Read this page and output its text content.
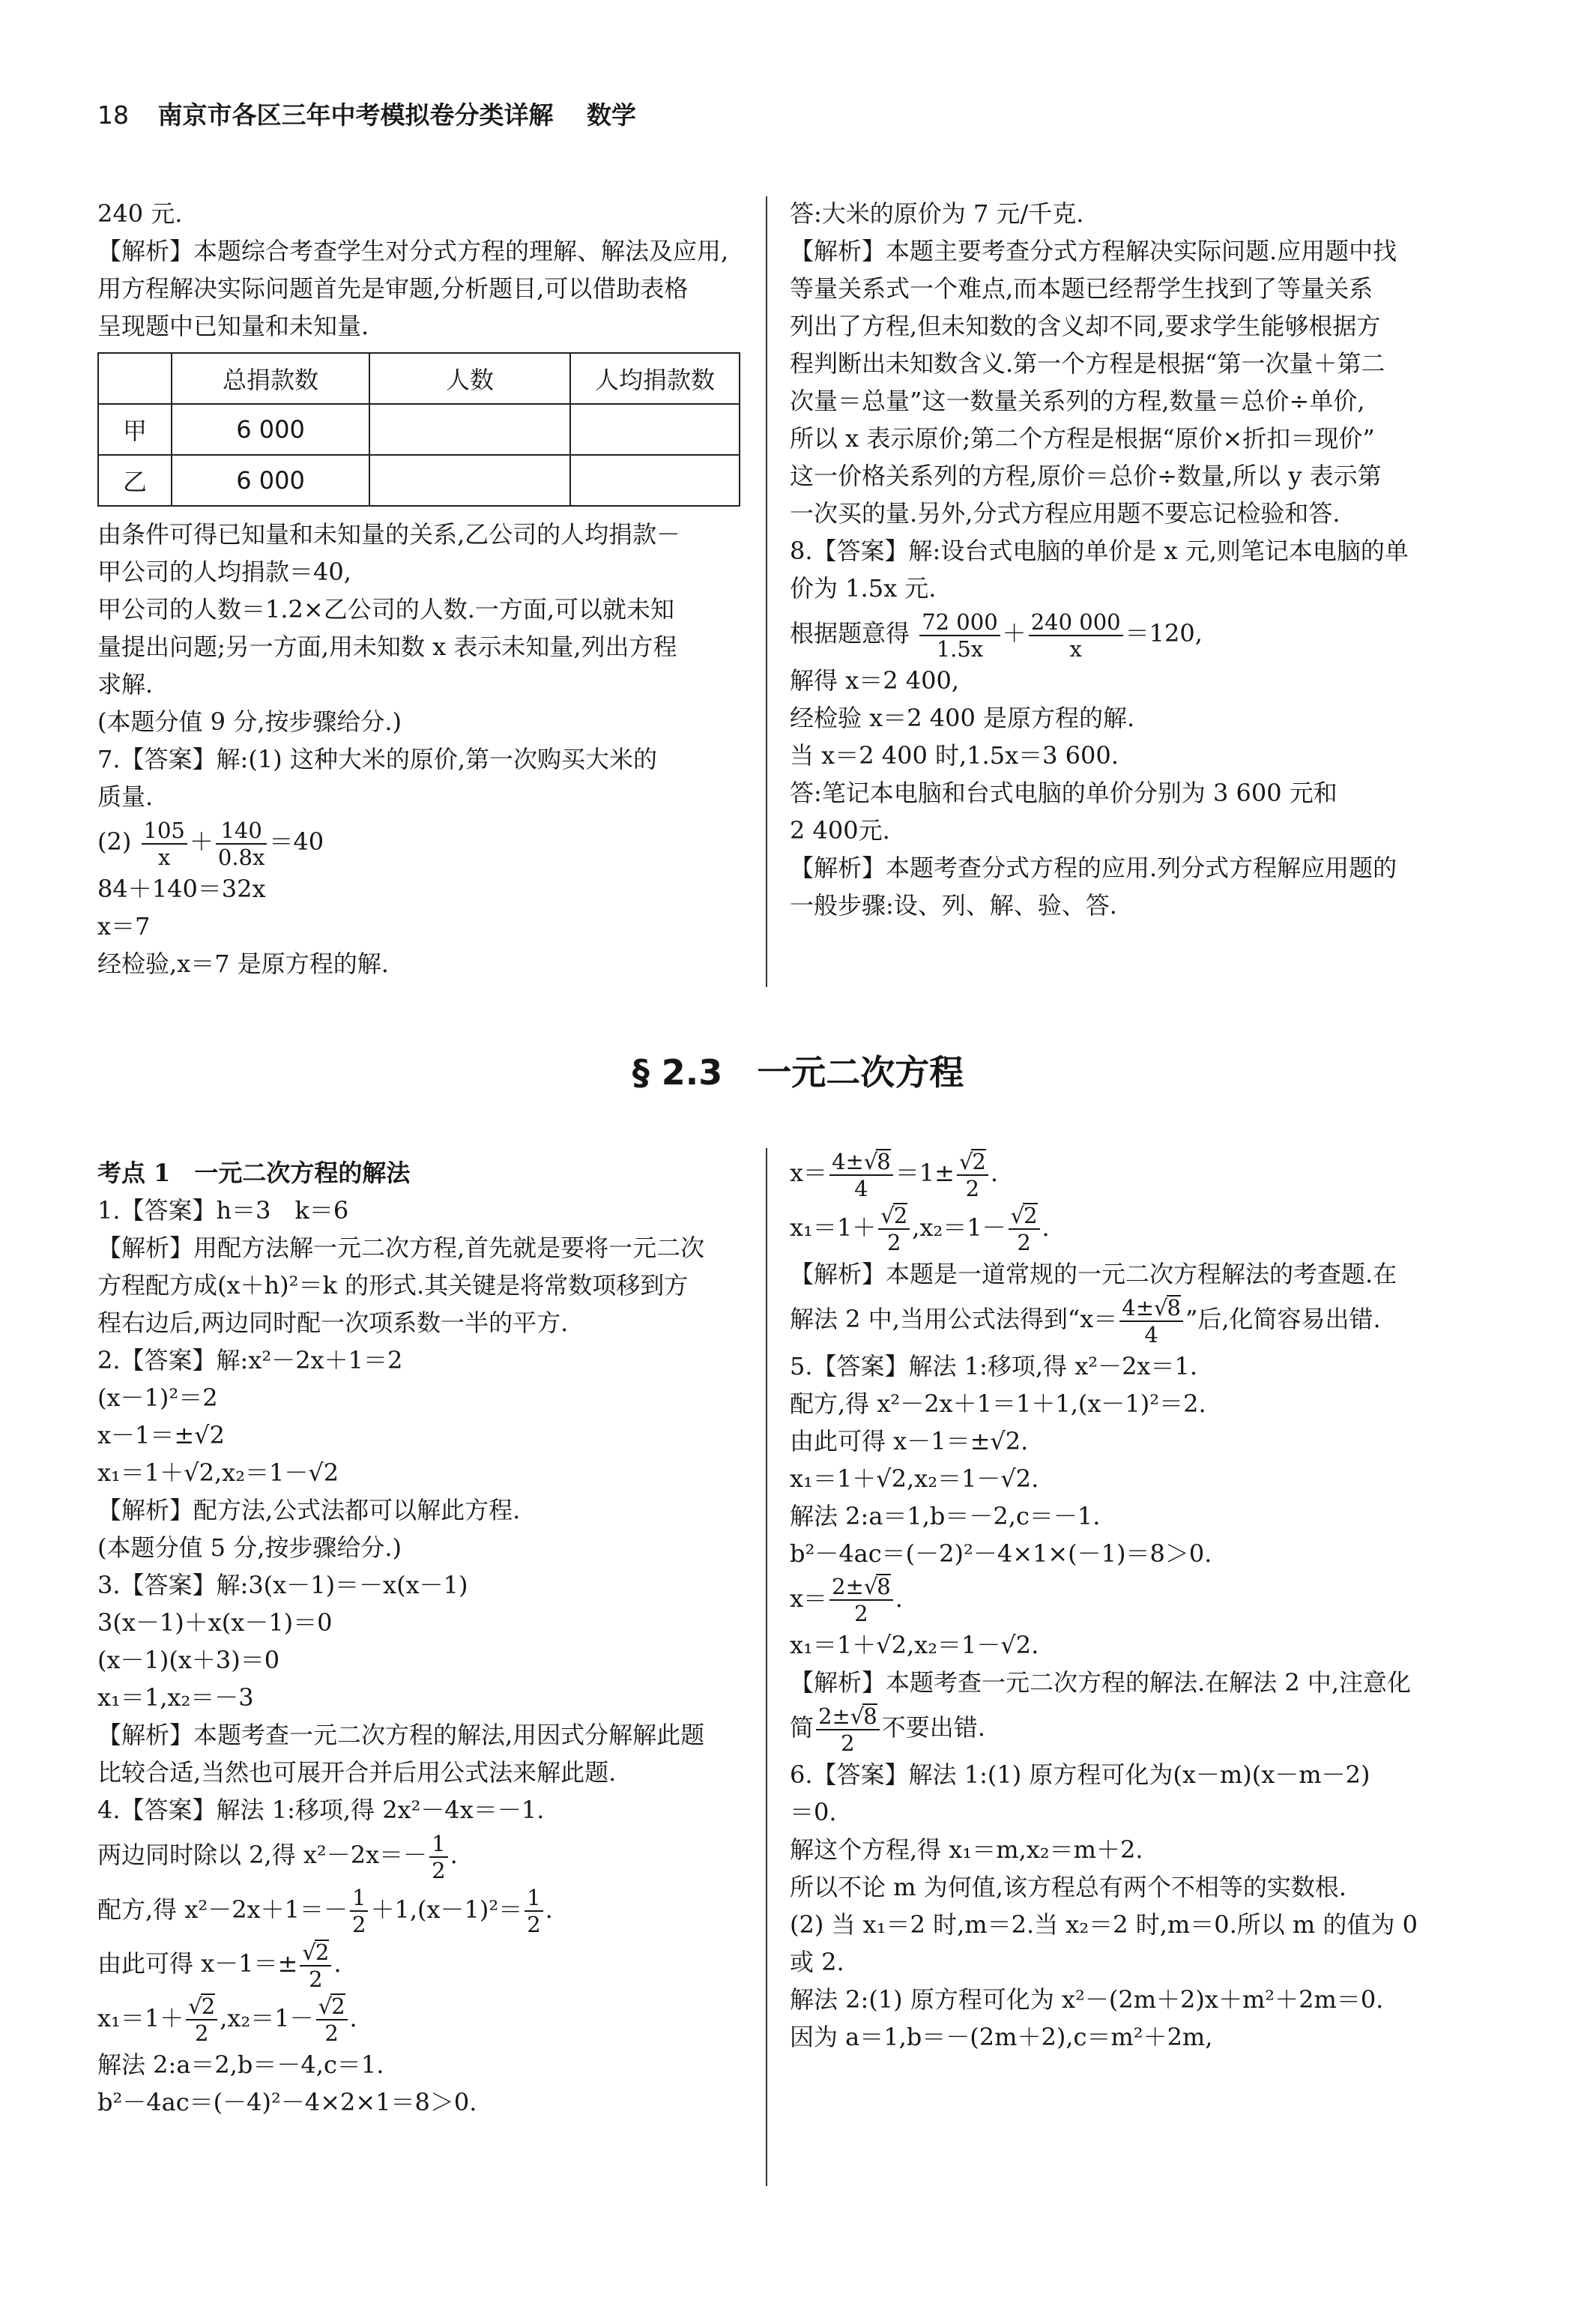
18 南京市各区三年中考模拟卷分类详解 数学
240 元.
【解析】本题综合考查学生对分式方程的理解、解法及应用,
用方程解决实际问题首先是审题,分析题目,可以借助表格
呈现题中已知量和未知量.
	总捐款数	人数	人均捐款数
甲	6 000		
乙	6 000		
由条件可得已知量和未知量的关系,乙公司的人均捐款－
甲公司的人均捐款＝40,
甲公司的人数＝1.2×乙公司的人数.一方面,可以就未知
量提出问题;另一方面,用未知数 x 表示未知量,列出方程
求解.
(本题分值 9 分,按步骤给分.)
7.【答案】解:(1) 这种大米的原价,第一次购买大米的
质量.
$(2) \frac{105}{x} + \frac{140}{0.8x} =40$
84＋140＝32x
x＝7
经检验,x＝7 是原方程的解.
答:大米的原价为 7 元/千克.
【解析】本题主要考查分式方程解决实际问题.应用题中找
等量关系式一个难点,而本题已经帮学生找到了等量关系
列出了方程,但未知数的含义却不同,要求学生能够根据方
程判断出未知数含义.第一个方程是根据“第一次量＋第二
次量＝总量”这一数量关系列的方程,数量＝总价÷单价,
所以 x 表示原价;第二个方程是根据“原价×折扣＝现价”
这一价格关系列的方程,原价＝总价÷数量,所以 y 表示第
一次买的量.另外,分式方程应用题不要忘记检验和答.
8.【答案】解:设台式电脑的单价是 x 元,则笔记本电脑的单
价为 1.5x 元.
根据题意得 $\frac{72 000}{1.5x} + \frac{240 000}{x} =120$,
解得 x＝2 400,
经检验 x＝2 400 是原方程的解.
当 x＝2 400 时,1.5x＝3 600.
答:笔记本电脑和台式电脑的单价分别为 3 600 元和
2 400元.
【解析】本题考查分式方程的应用.列分式方程解应用题的
一般步骤:设、列、解、验、答.
§ 2.3　一元二次方程
考点 1　一元二次方程的解法
1.【答案】h＝3　k＝6
【解析】用配方法解一元二次方程,首先就是要将一元二次
方程配方成(x＋h)²＝k 的形式.其关键是将常数项移到方
程右边后,两边同时配一次项系数一半的平方.
2.【答案】解:x²－2x＋1＝2
(x－1)²＝2
x－1＝±√2
x₁＝1＋√2,x₂＝1－√2
【解析】配方法,公式法都可以解此方程.
(本题分值 5 分,按步骤给分.)
3.【答案】解:3(x－1)＝－x(x－1)
3(x－1)＋x(x－1)＝0
(x－1)(x＋3)＝0
x₁＝1,x₂＝－3
【解析】本题考查一元二次方程的解法,用因式分解解此题
比较合适,当然也可展开合并后用公式法来解此题.
4.【答案】解法 1:移项,得 2x²－4x＝－1.
两边同时除以 2,得 $x^2-2x=- \frac{1}{2}$ .
配方,得 $x^2-2x+1=- \frac{1}{2} +1,(x-1)^2= \frac{1}{2}$ .
由此可得 $x-1=\pm \frac{√2}{2}$ .
$x_1=1+ \frac{√2}{2} ,x_2=1- \frac{√2}{2}$ .
解法 2:a＝2,b＝－4,c＝1.
b²－4ac＝(－4)²－4×2×1＝8＞0.
$x= \frac{4\pm√8}{4} =1\pm \frac{√2}{2}$ .
$x_1=1+ \frac{√2}{2} ,x_2=1- \frac{√2}{2}$ .
【解析】本题是一道常规的一元二次方程解法的考查题.在
解法 2 中,当用公式法得到“$x= \frac{4\pm√8}{4}$ ”后,化简容易出错.
5.【答案】解法 1:移项,得 x²－2x＝1.
配方,得 x²－2x＋1＝1＋1,(x－1)²＝2.
由此可得 x－1＝±√2.
x₁＝1＋√2,x₂＝1－√2.
解法 2:a＝1,b＝－2,c＝－1.
b²－4ac＝(－2)²－4×1×(－1)＝8＞0.
$x= \frac{2\pm√8}{2}$ .
x₁＝1＋√2,x₂＝1－√2.
【解析】本题考查一元二次方程的解法.在解法 2 中,注意化
简 $\frac{2\pm√8}{2}$ 不要出错.
6.【答案】解法 1:(1) 原方程可化为(x－m)(x－m－2)
＝0.
解这个方程,得 x₁＝m,x₂＝m＋2.
所以不论 m 为何值,该方程总有两个不相等的实数根.
(2) 当 x₁＝2 时,m＝2.当 x₂＝2 时,m＝0.所以 m 的值为 0
或 2.
解法 2:(1) 原方程可化为 x²－(2m＋2)x＋m²＋2m＝0.
因为 a＝1,b＝－(2m＋2),c＝m²＋2m,
